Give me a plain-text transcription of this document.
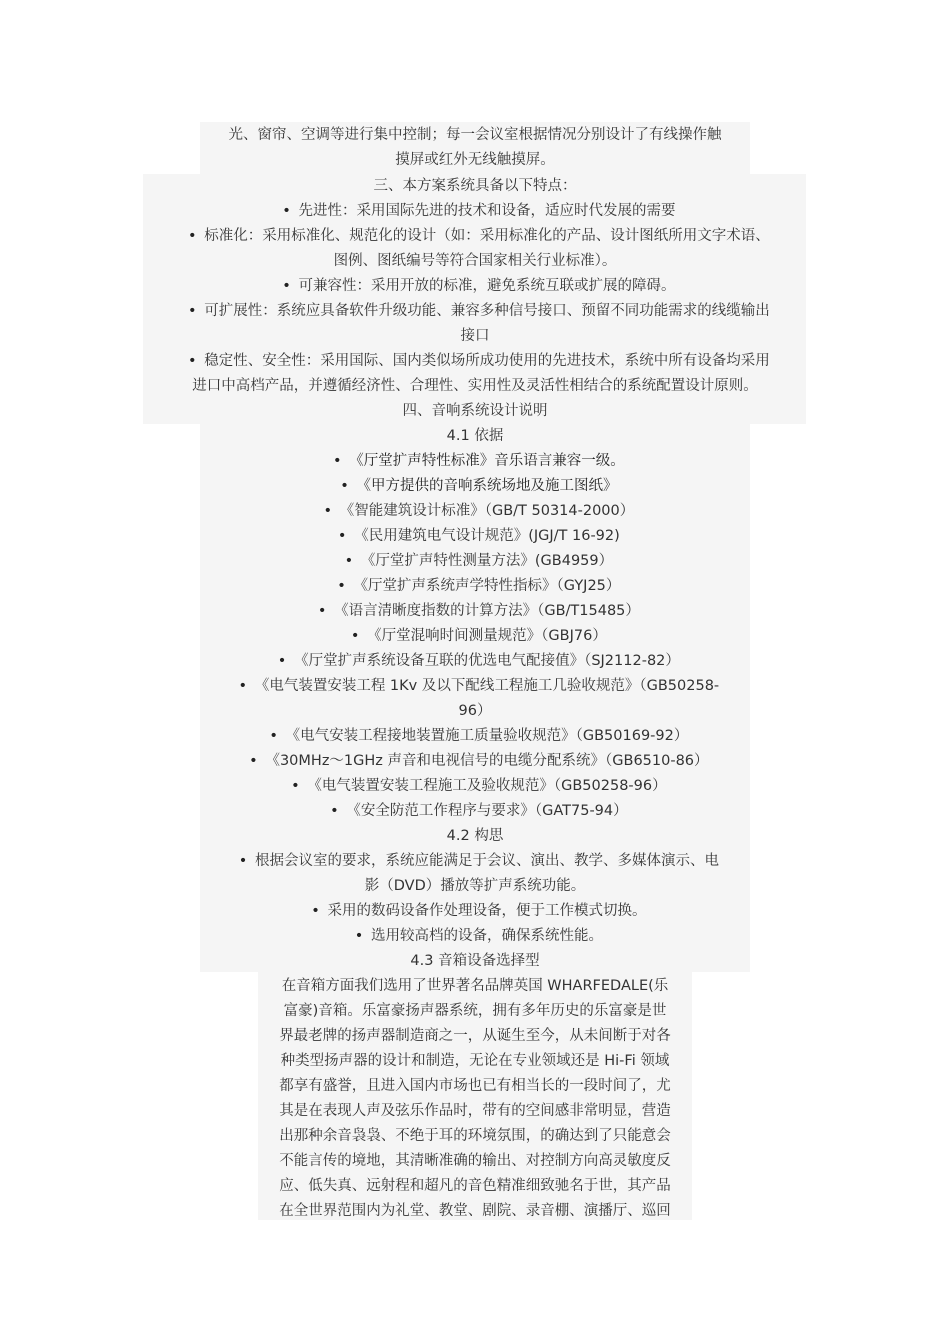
光、窗帘、空调等进行集中控制；每一会议室根据情况分别设计了有线操作触
摸屏或红外无线触摸屏。
三、本方案系统具备以下特点：
• 先进性：采用国际先进的技术和设备，适应时代发展的需要
• 标准化：采用标准化、规范化的设计（如：采用标准化的产品、设计图纸所用文字术语、
图例、图纸编号等符合国家相关行业标准）。
• 可兼容性：采用开放的标准，避免系统互联或扩展的障碍。
• 可扩展性：系统应具备软件升级功能、兼容多种信号接口、预留不同功能需求的线缆输出
接口
• 稳定性、安全性：采用国际、国内类似场所成功使用的先进技术，系统中所有设备均采用
进口中高档产品，并遵循经济性、合理性、实用性及灵活性相结合的系统配置设计原则。
四、音响系统设计说明
4.1 依据
• 《厅堂扩声特性标准》音乐语言兼容一级。
• 《甲方提供的音响系统场地及施工图纸》
• 《智能建筑设计标准》（GB/T 50314-2000）
• 《民用建筑电气设计规范》(JGJ/T 16-92)
• 《厅堂扩声特性测量方法》(GB4959）
• 《厅堂扩声系统声学特性指标》（GYJ25）
• 《语言清晰度指数的计算方法》（GB/T15485）
• 《厅堂混响时间测量规范》（GBJ76）
• 《厅堂扩声系统设备互联的优选电气配接值》（SJ2112-82）
• 《电气装置安装工程 1Kv 及以下配线工程施工几验收规范》（GB50258-
96）
• 《电气安装工程接地装置施工质量验收规范》（GB50169-92）
• 《30MHz～1GHz 声音和电视信号的电缆分配系统》（GB6510-86）
• 《电气装置安装工程施工及验收规范》（GB50258-96）
• 《安全防范工作程序与要求》（GAT75-94）
4.2 构思
• 根据会议室的要求，系统应能满足于会议、演出、教学、多媒体演示、电
影（DVD）播放等扩声系统功能。
• 采用的数码设备作处理设备，便于工作模式切换。
• 选用较高档的设备，确保系统性能。
4.3 音箱设备选择型
在音箱方面我们选用了世界著名品牌英国 WHARFEDALE(乐
富豪)音箱。乐富豪扬声器系统，拥有多年历史的乐富豪是世
界最老牌的扬声器制造商之一，从诞生至今，从未间断于对各
种类型扬声器的设计和制造，无论在专业领域还是 Hi-Fi 领域
都享有盛誉，且进入国内市场也已有相当长的一段时间了，尤
其是在表现人声及弦乐作品时，带有的空间感非常明显，营造
出那种余音袅袅、不绝于耳的环境氛围，的确达到了只能意会
不能言传的境地，其清晰准确的输出、对控制方向高灵敏度反
应、低失真、远射程和超凡的音色精准细致驰名于世，其产品
在全世界范围内为礼堂、教堂、剧院、录音棚、演播厅、巡回
